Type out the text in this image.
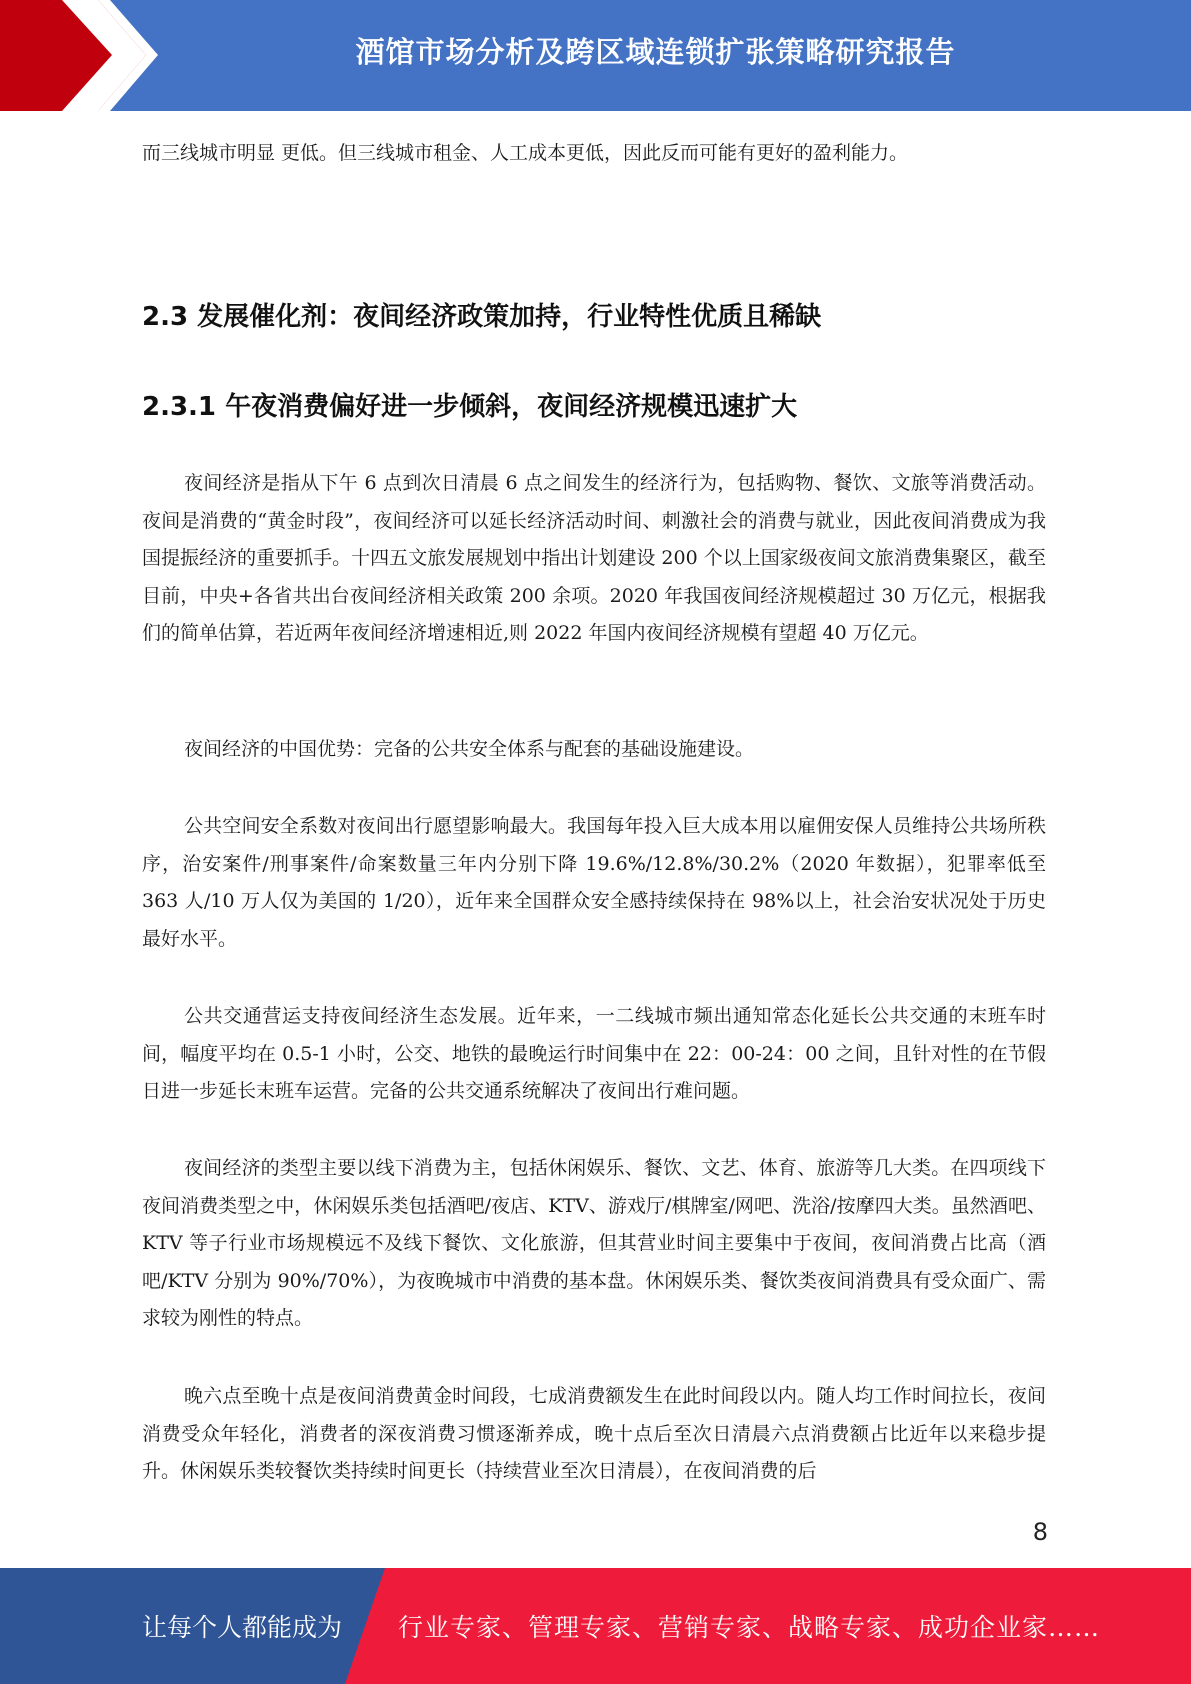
酒馆市场分析及跨区域连锁扩张策略研究报告

而三线城市明显 更低。但三线城市租金、人工成本更低，因此反而可能有更好的盈利能力。

2.3 发展催化剂：夜间经济政策加持，行业特性优质且稀缺
2.3.1 午夜消费偏好进一步倾斜，夜间经济规模迅速扩大

夜间经济是指从下午 6 点到次日清晨 6 点之间发生的经济行为，包括购物、餐饮、文旅等消费活动。夜间是消费的“黄金时段”，夜间经济可以延长经济活动时间、刺激社会的消费与就业，因此夜间消费成为我国提振经济的重要抓手。十四五文旅发展规划中指出计划建设 200 个以上国家级夜间文旅消费集聚区，截至目前，中央+各省共出台夜间经济相关政策 200 余项。2020 年我国夜间经济规模超过 30 万亿元，根据我们的简单估算，若近两年夜间经济增速相近,则 2022 年国内夜间经济规模有望超 40 万亿元。

夜间经济的中国优势：完备的公共安全体系与配套的基础设施建设。

公共空间安全系数对夜间出行愿望影响最大。我国每年投入巨大成本用以雇佣安保人员维持公共场所秩序，治安案件/刑事案件/命案数量三年内分别下降 19.6%/12.8%/30.2%（2020 年数据），犯罪率低至 363 人/10 万人仅为美国的 1/20），近年来全国群众安全感持续保持在 98%以上，社会治安状况处于历史最好水平。

公共交通营运支持夜间经济生态发展。近年来，一二线城市频出通知常态化延长公共交通的末班车时间，幅度平均在 0.5-1 小时，公交、地铁的最晚运行时间集中在 22：00-24：00 之间，且针对性的在节假日进一步延长末班车运营。完备的公共交通系统解决了夜间出行难问题。

夜间经济的类型主要以线下消费为主，包括休闲娱乐、餐饮、文艺、体育、旅游等几大类。在四项线下夜间消费类型之中，休闲娱乐类包括酒吧/夜店、KTV、游戏厅/棋牌室/网吧、洗浴/按摩四大类。虽然酒吧、KTV 等子行业市场规模远不及线下餐饮、文化旅游，但其营业时间主要集中于夜间，夜间消费占比高（酒吧/KTV 分别为 90%/70%），为夜晚城市中消费的基本盘。休闲娱乐类、餐饮类夜间消费具有受众面广、需求较为刚性的特点。

晚六点至晚十点是夜间消费黄金时间段，七成消费额发生在此时间段以内。随人均工作时间拉长，夜间消费受众年轻化，消费者的深夜消费习惯逐渐养成，晚十点后至次日清晨六点消费额占比近年以来稳步提升。休闲娱乐类较餐饮类持续时间更长（持续营业至次日清晨），在夜间消费的后

8
让每个人都能成为 行业专家、管理专家、营销专家、战略专家、成功企业家……
